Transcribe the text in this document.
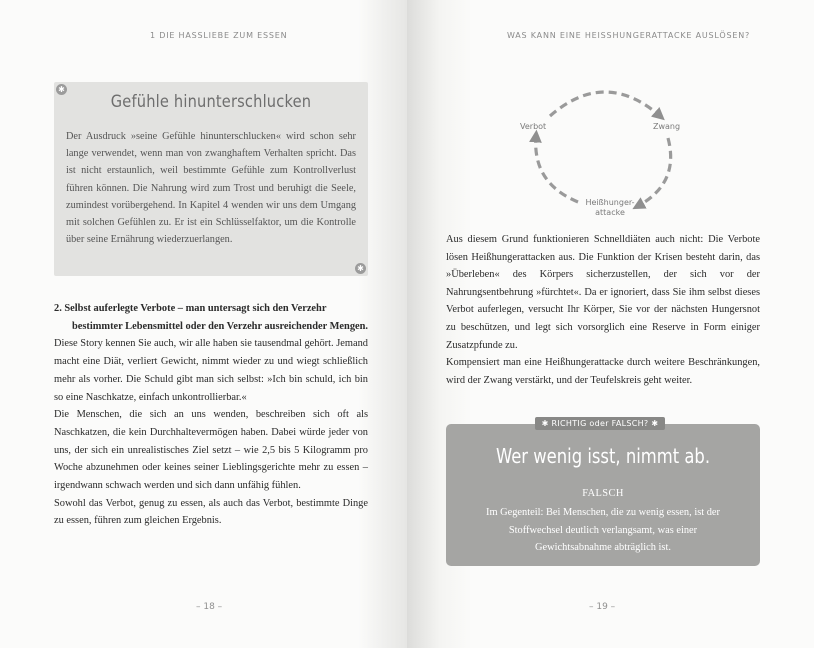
1 DIE HASSLIEBE ZUM ESSEN
✱
Gefühle hinunterschlucken
Der Ausdruck »seine Gefühle hinunterschlucken« wird schon sehr lange verwendet, wenn man von zwanghaftem Verhalten spricht. Das ist nicht erstaunlich, weil bestimmte Gefühle zum Kontrollverlust führen können. Die Nahrung wird zum Trost und beruhigt die Seele, zumindest vorübergehend. In Kapitel 4 wenden wir uns dem Umgang mit solchen Gefühlen zu. Er ist ein Schlüsselfaktor, um die Kontrolle über seine Ernährung wiederzuerlangen.
✱

2. Selbst auferlegte Verbote – man untersagt sich den Verzehr bestimmter Lebensmittel oder den Verzehr ausreichender Mengen.

Diese Story kennen Sie auch, wir alle haben sie tausendmal gehört. Jemand macht eine Diät, verliert Gewicht, nimmt wieder zu und wiegt schließlich mehr als vorher. Die Schuld gibt man sich selbst: »Ich bin schuld, ich bin so eine Naschkatze, einfach unkontrollierbar.«

Die Menschen, die sich an uns wenden, beschreiben sich oft als Naschkatzen, die kein Durchhaltevermögen haben. Dabei würde jeder von uns, der sich ein unrealistisches Ziel setzt – wie 2,5 bis 5 Kilogramm pro Woche abzunehmen oder keines seiner Lieblingsgerichte mehr zu essen – irgendwann schwach werden und sich dann unfähig fühlen.

Sowohl das Verbot, genug zu essen, als auch das Verbot, bestimmte Dinge zu essen, führen zum gleichen Ergebnis.

– 18 –
WAS KANN EINE HEISSHUNGERATTACKE AUSLÖSEN?
– 19 –
Verbot	Zwang
Heißhunger-
attacke

Aus diesem Grund funktionieren Schnelldiäten auch nicht: Die Verbote lösen Heißhungerattacken aus. Die Funktion der Krisen besteht darin, das »Überleben« des Körpers sicherzustellen, der sich vor der Nahrungsentbehrung »fürchtet«. Da er ignoriert, dass Sie ihm selbst dieses Verbot auferlegen, versucht Ihr Körper, Sie vor der nächsten Hungersnot zu beschützen, und legt sich vorsorglich eine Reserve in Form einiger Zusatzpfunde zu.

Kompensiert man eine Heißhungerattacke durch weitere Beschränkungen, wird der Zwang verstärkt, und der Teufelskreis geht weiter.

Wer wenig isst, nimmt ab.
FALSCH
Im Gegenteil: Bei Menschen, die zu wenig essen, ist der Stoffwechsel deutlich verlangsamt, was einer Gewichtsabnahme abträglich ist.
✱ RICHTIG oder FALSCH? ✱
